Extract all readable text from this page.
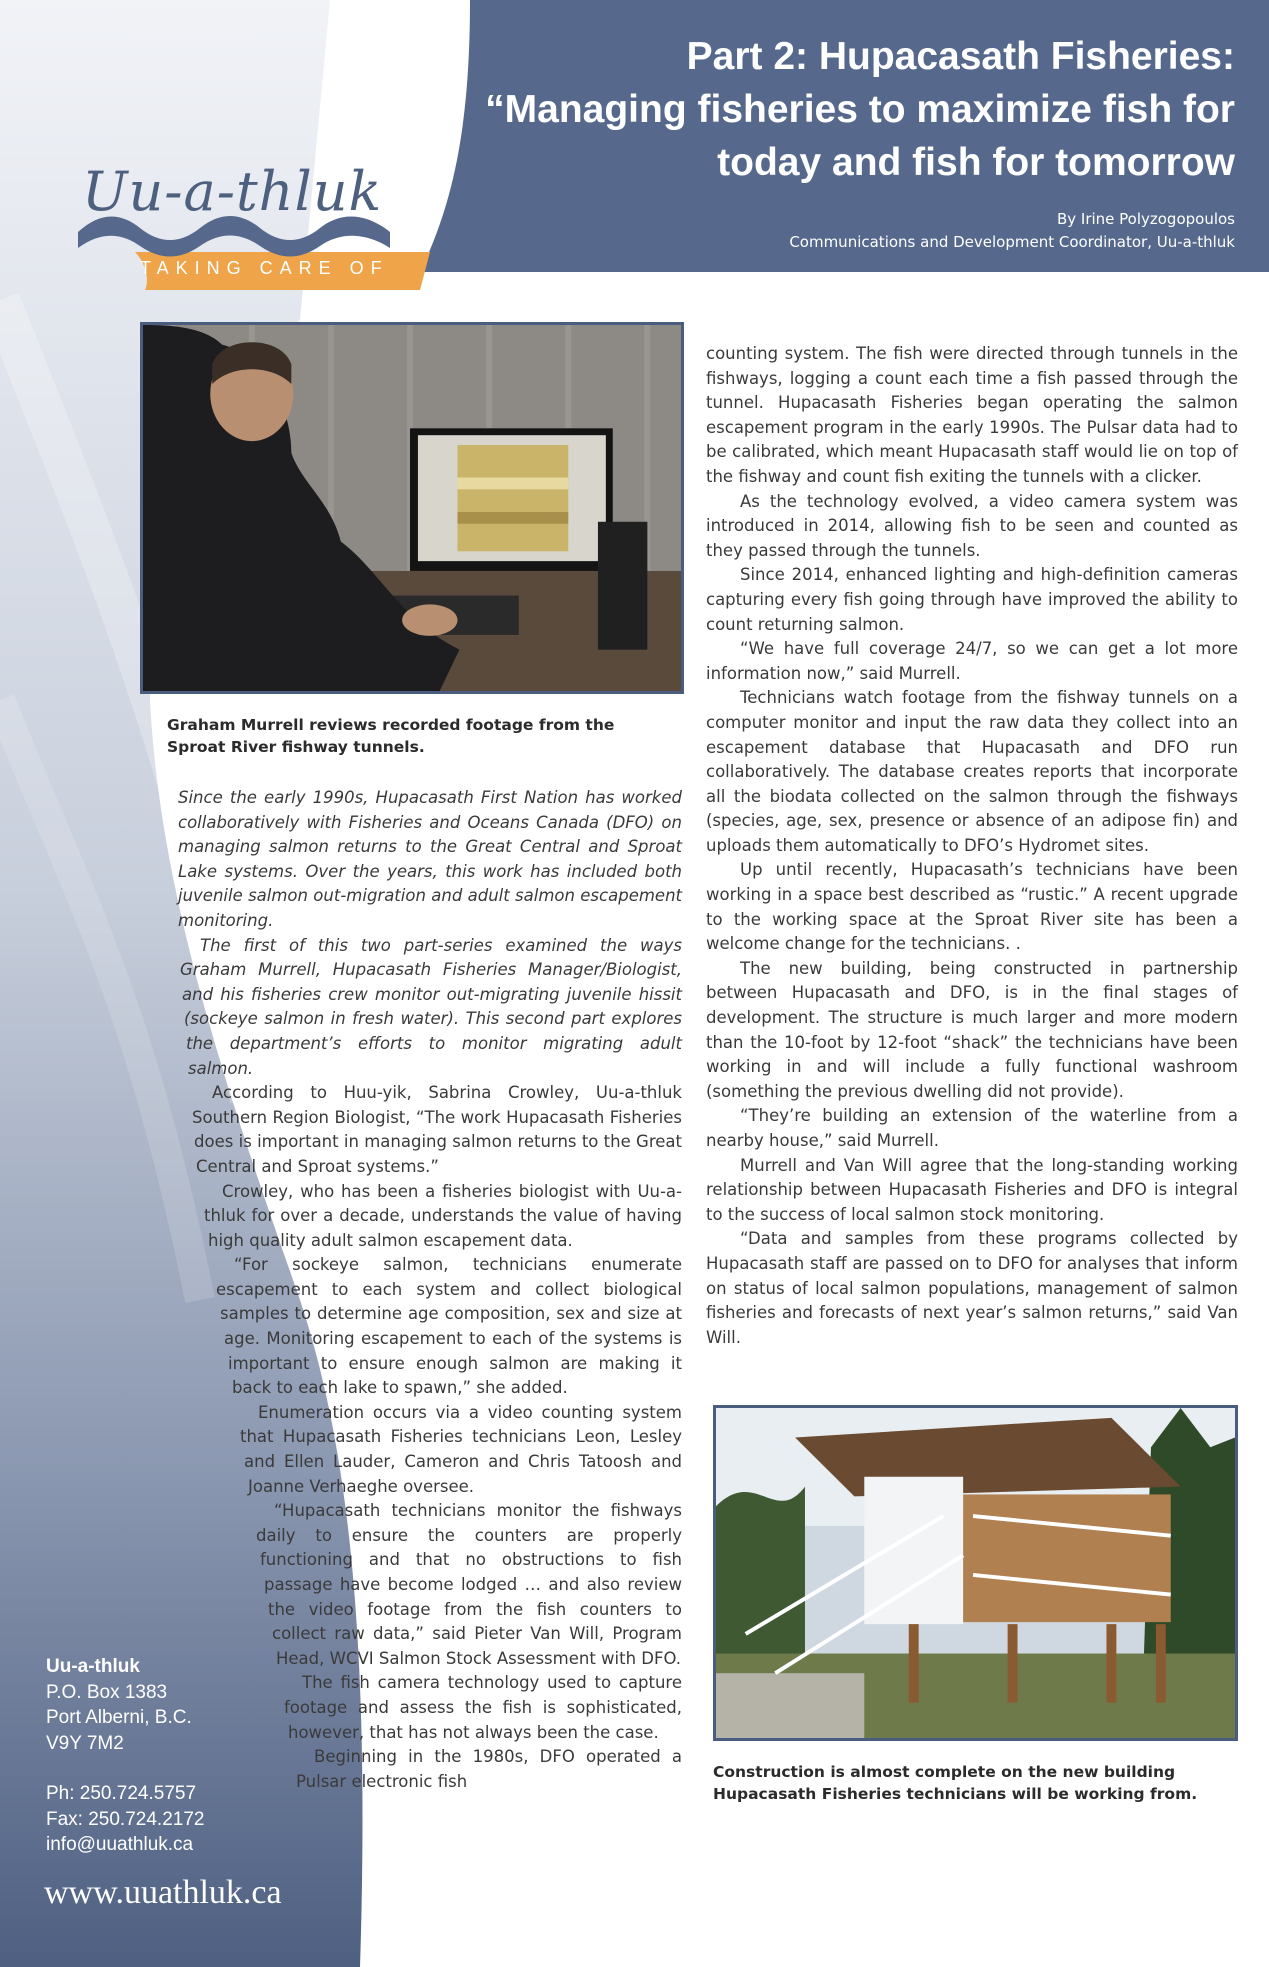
Part 2: Hupacasath Fisheries: “Managing fisheries to maximize fish for today and fish for tomorrow
By Irine Polyzogopoulos
Communications and Development Coordinator, Uu-a-thluk
Uu-a-thluk
TAKING CARE OF
Graham Murrell reviews recorded footage from the Sproat River fishway tunnels.

Since the early 1990s, Hupacasath First Nation has worked collaboratively with Fisheries and Oceans Canada (DFO) on managing salmon returns to the Great Central and Sproat Lake systems. Over the years, this work has included both juvenile salmon out-migration and adult salmon escapement monitoring.

The first of this two part-series examined the ways Graham Murrell, Hupacasath Fisheries Manager/Biologist, and his fisheries crew monitor out-migrating juvenile hissit (sockeye salmon in fresh water). This second part explores the department’s efforts to monitor migrating adult salmon.

According to Huu-yik, Sabrina Crowley, Uu-a-thluk Southern Region Biologist, “The work Hupacasath Fisheries does is important in managing salmon returns to the Great Central and Sproat systems.”

Crowley, who has been a fisheries biologist with Uu-a-thluk for over a decade, understands the value of having high quality adult salmon escapement data.

“For sockeye salmon, technicians enumerate escapement to each system and collect biological samples to determine age composition, sex and size at age. Monitoring escapement to each of the systems is important to ensure enough salmon are making it back to each lake to spawn,” she added.

Enumeration occurs via a video counting system that Hupacasath Fisheries technicians Leon, Lesley and Ellen Lauder, Cameron and Chris Tatoosh and Joanne Verhaeghe oversee.

“Hupacasath technicians monitor the fishways daily to ensure the counters are properly functioning and that no obstructions to fish passage have become lodged … and also review the video footage from the fish counters to collect raw data,” said Pieter Van Will, Program Head, WCVI Salmon Stock Assessment with DFO.

The fish camera technology used to capture footage and assess the fish is sophisticated, however, that has not always been the case.

Beginning in the 1980s, DFO operated a Pulsar electronic fish

counting system. The fish were directed through tunnels in the fishways, logging a count each time a fish passed through the tunnel. Hupacasath Fisheries began operating the salmon escapement program in the early 1990s. The Pulsar data had to be calibrated, which meant Hupacasath staff would lie on top of the fishway and count fish exiting the tunnels with a clicker.

As the technology evolved, a video camera system was introduced in 2014, allowing fish to be seen and counted as they passed through the tunnels.

Since 2014, enhanced lighting and high-definition cameras capturing every fish going through have improved the ability to count returning salmon.

“We have full coverage 24/7, so we can get a lot more information now,” said Murrell.

Technicians watch footage from the fishway tunnels on a computer monitor and input the raw data they collect into an escapement database that Hupacasath and DFO run collaboratively. The database creates reports that incorporate all the biodata collected on the salmon through the fishways (species, age, sex, presence or absence of an adipose fin) and uploads them automatically to DFO’s Hydromet sites.

Up until recently, Hupacasath’s technicians have been working in a space best described as “rustic.” A recent upgrade to the working space at the Sproat River site has been a welcome change for the technicians. .

The new building, being constructed in partnership between Hupacasath and DFO, is in the final stages of development. The structure is much larger and more modern than the 10-foot by 12-foot “shack” the technicians have been working in and will include a fully functional washroom (something the previous dwelling did not provide).

“They’re building an extension of the waterline from a nearby house,” said Murrell.

Murrell and Van Will agree that the long-standing working relationship between Hupacasath Fisheries and DFO is integral to the success of local salmon stock monitoring.

“Data and samples from these programs collected by Hupacasath staff are passed on to DFO for analyses that inform on status of local salmon populations, management of salmon fisheries and forecasts of next year’s salmon returns,” said Van Will.

Construction is almost complete on the new building Hupacasath Fisheries technicians will be working from.
Uu-a-thluk
P.O. Box 1383
Port Alberni, B.C.
V9Y 7M2
Ph: 250.724.5757
Fax: 250.724.2172
info@uuathluk.ca
www.uuathluk.ca
